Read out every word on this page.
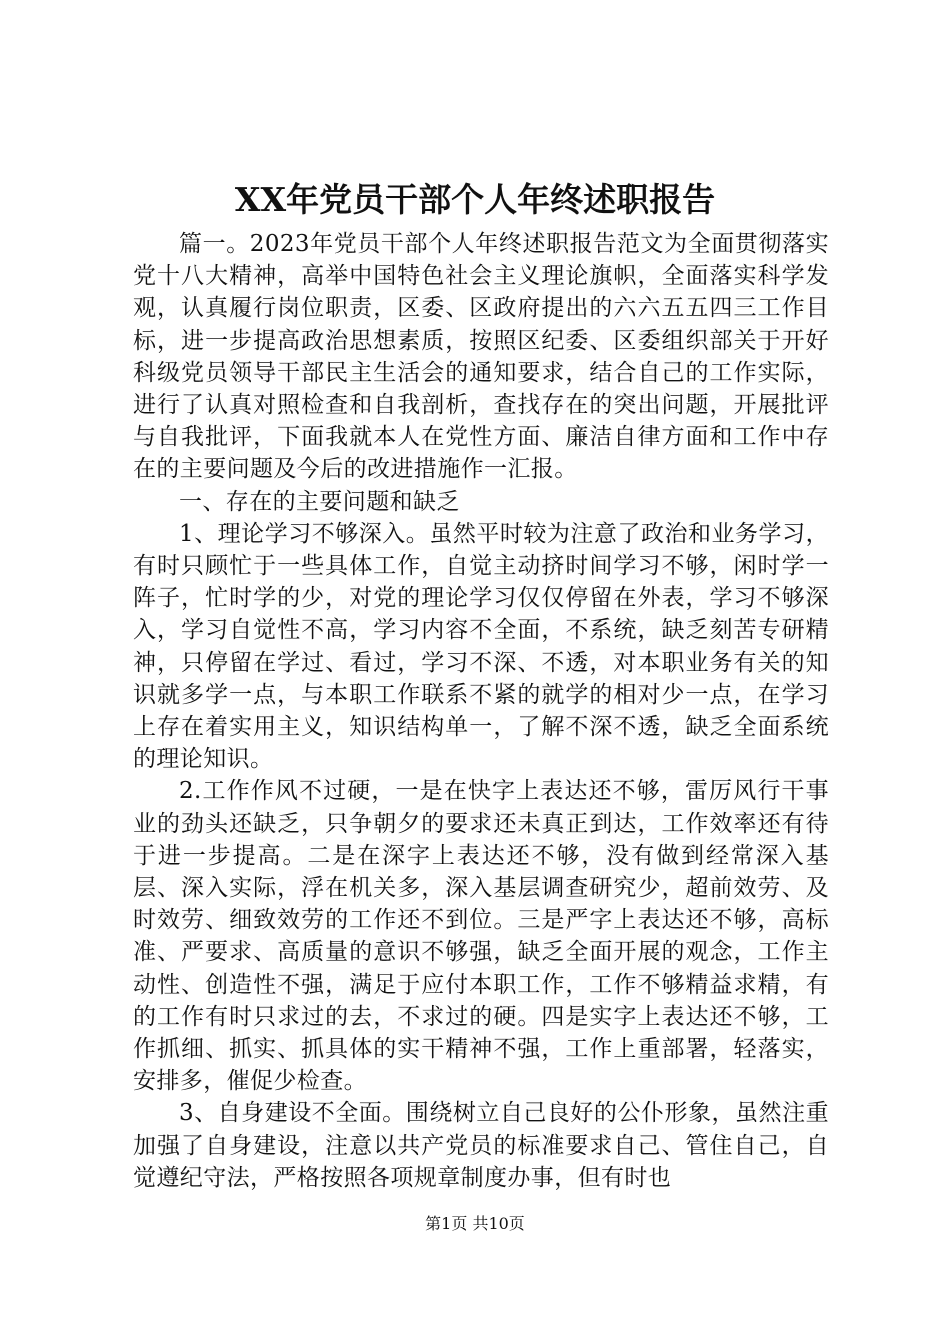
XX年党员干部个人年终述职报告

篇一。2023年党员干部个人年终述职报告范文为全面贯彻落实党十八大精神，高举中国特色社会主义理论旗帜，全面落实科学发观，认真履行岗位职责，区委、区政府提出的六六五五四三工作目标，进一步提高政治思想素质，按照区纪委、区委组织部关于开好科级党员领导干部民主生活会的通知要求，结合自己的工作实际，进行了认真对照检查和自我剖析，查找存在的突出问题，开展批评与自我批评，下面我就本人在党性方面、廉洁自律方面和工作中存在的主要问题及今后的改进措施作一汇报。

一、存在的主要问题和缺乏

1、理论学习不够深入。虽然平时较为注意了政治和业务学习，有时只顾忙于一些具体工作，自觉主动挤时间学习不够，闲时学一阵子，忙时学的少，对党的理论学习仅仅停留在外表，学习不够深入，学习自觉性不高，学习内容不全面，不系统，缺乏刻苦专研精神，只停留在学过、看过，学习不深、不透，对本职业务有关的知识就多学一点，与本职工作联系不紧的就学的相对少一点，在学习上存在着实用主义，知识结构单一，了解不深不透，缺乏全面系统的理论知识。

2.工作作风不过硬，一是在快字上表达还不够，雷厉风行干事业的劲头还缺乏，只争朝夕的要求还未真正到达，工作效率还有待于进一步提高。二是在深字上表达还不够，没有做到经常深入基层、深入实际，浮在机关多，深入基层调查研究少，超前效劳、及时效劳、细致效劳的工作还不到位。三是严字上表达还不够，高标准、严要求、高质量的意识不够强，缺乏全面开展的观念，工作主动性、创造性不强，满足于应付本职工作，工作不够精益求精，有的工作有时只求过的去，不求过的硬。四是实字上表达还不够，工作抓细、抓实、抓具体的实干精神不强，工作上重部署，轻落实，安排多，催促少检查。

3、自身建设不全面。围绕树立自己良好的公仆形象，虽然注重加强了自身建设，注意以共产党员的标准要求自己、管住自己，自觉遵纪守法，严格按照各项规章制度办事，但有时也

第1页 共10页
